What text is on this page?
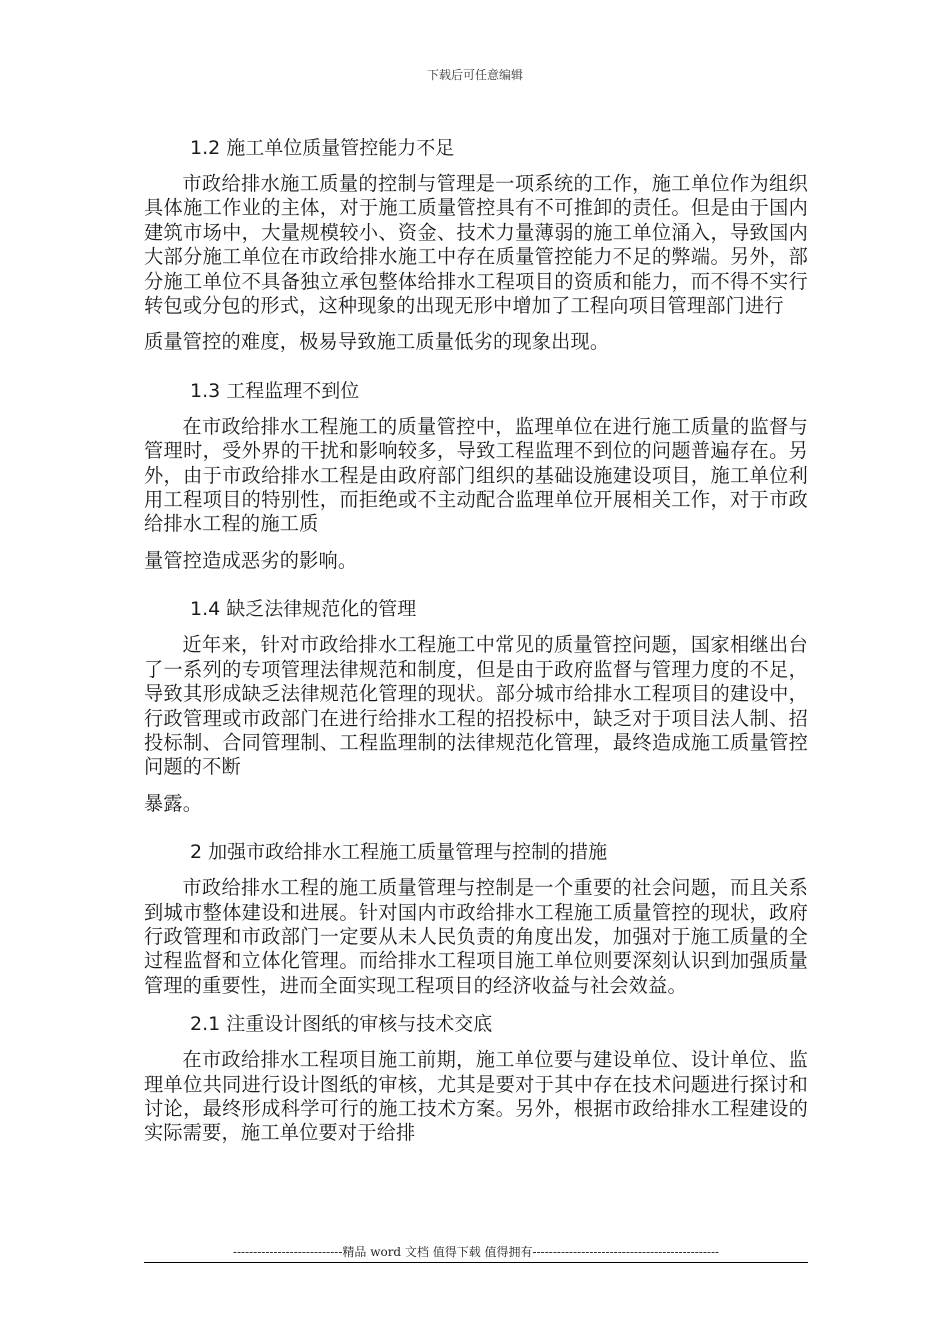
下载后可任意编辑
1.2 施工单位质量管控能力不足

市政给排水施工质量的控制与管理是一项系统的工作，施工单位作为组织具体施工作业的主体，对于施工质量管控具有不可推卸的责任。但是由于国内建筑市场中，大量规模较小、资金、技术力量薄弱的施工单位涌入，导致国内大部分施工单位在市政给排水施工中存在质量管控能力不足的弊端。另外，部分施工单位不具备独立承包整体给排水工程项目的资质和能力，而不得不实行转包或分包的形式，这种现象的出现无形中增加了工程向项目管理部门进行
质量管控的难度，极易导致施工质量低劣的现象出现。

1.3 工程监理不到位

在市政给排水工程施工的质量管控中，监理单位在进行施工质量的监督与管理时，受外界的干扰和影响较多，导致工程监理不到位的问题普遍存在。另外，由于市政给排水工程是由政府部门组织的基础设施建设项目，施工单位利用工程项目的特别性，而拒绝或不主动配合监理单位开展相关工作，对于市政给排水工程的施工质
量管控造成恶劣的影响。

1.4 缺乏法律规范化的管理

近年来，针对市政给排水工程施工中常见的质量管控问题，国家相继出台了一系列的专项管理法律规范和制度，但是由于政府监督与管理力度的不足，导致其形成缺乏法律规范化管理的现状。部分城市给排水工程项目的建设中，行政管理或市政部门在进行给排水工程的招投标中，缺乏对于项目法人制、招投标制、合同管理制、工程监理制的法律规范化管理，最终造成施工质量管控问题的不断
暴露。

2 加强市政给排水工程施工质量管理与控制的措施

市政给排水工程的施工质量管理与控制是一个重要的社会问题，而且关系到城市整体建设和进展。针对国内市政给排水工程施工质量管控的现状，政府行政管理和市政部门一定要从未人民负责的角度出发，加强对于施工质量的全过程监督和立体化管理。而给排水工程项目施工单位则要深刻认识到加强质量管理的重要性，进而全面实现工程项目的经济收益与社会效益。

2.1 注重设计图纸的审核与技术交底

在市政给排水工程项目施工前期，施工单位要与建设单位、设计单位、监理单位共同进行设计图纸的审核，尤其是要对于其中存在技术问题进行探讨和讨论，最终形成科学可行的施工技术方案。另外，根据市政给排水工程建设的实际需要，施工单位要对于给排

---------------------------精品 word 文档 值得下载 值得拥有----------------------------------------------
